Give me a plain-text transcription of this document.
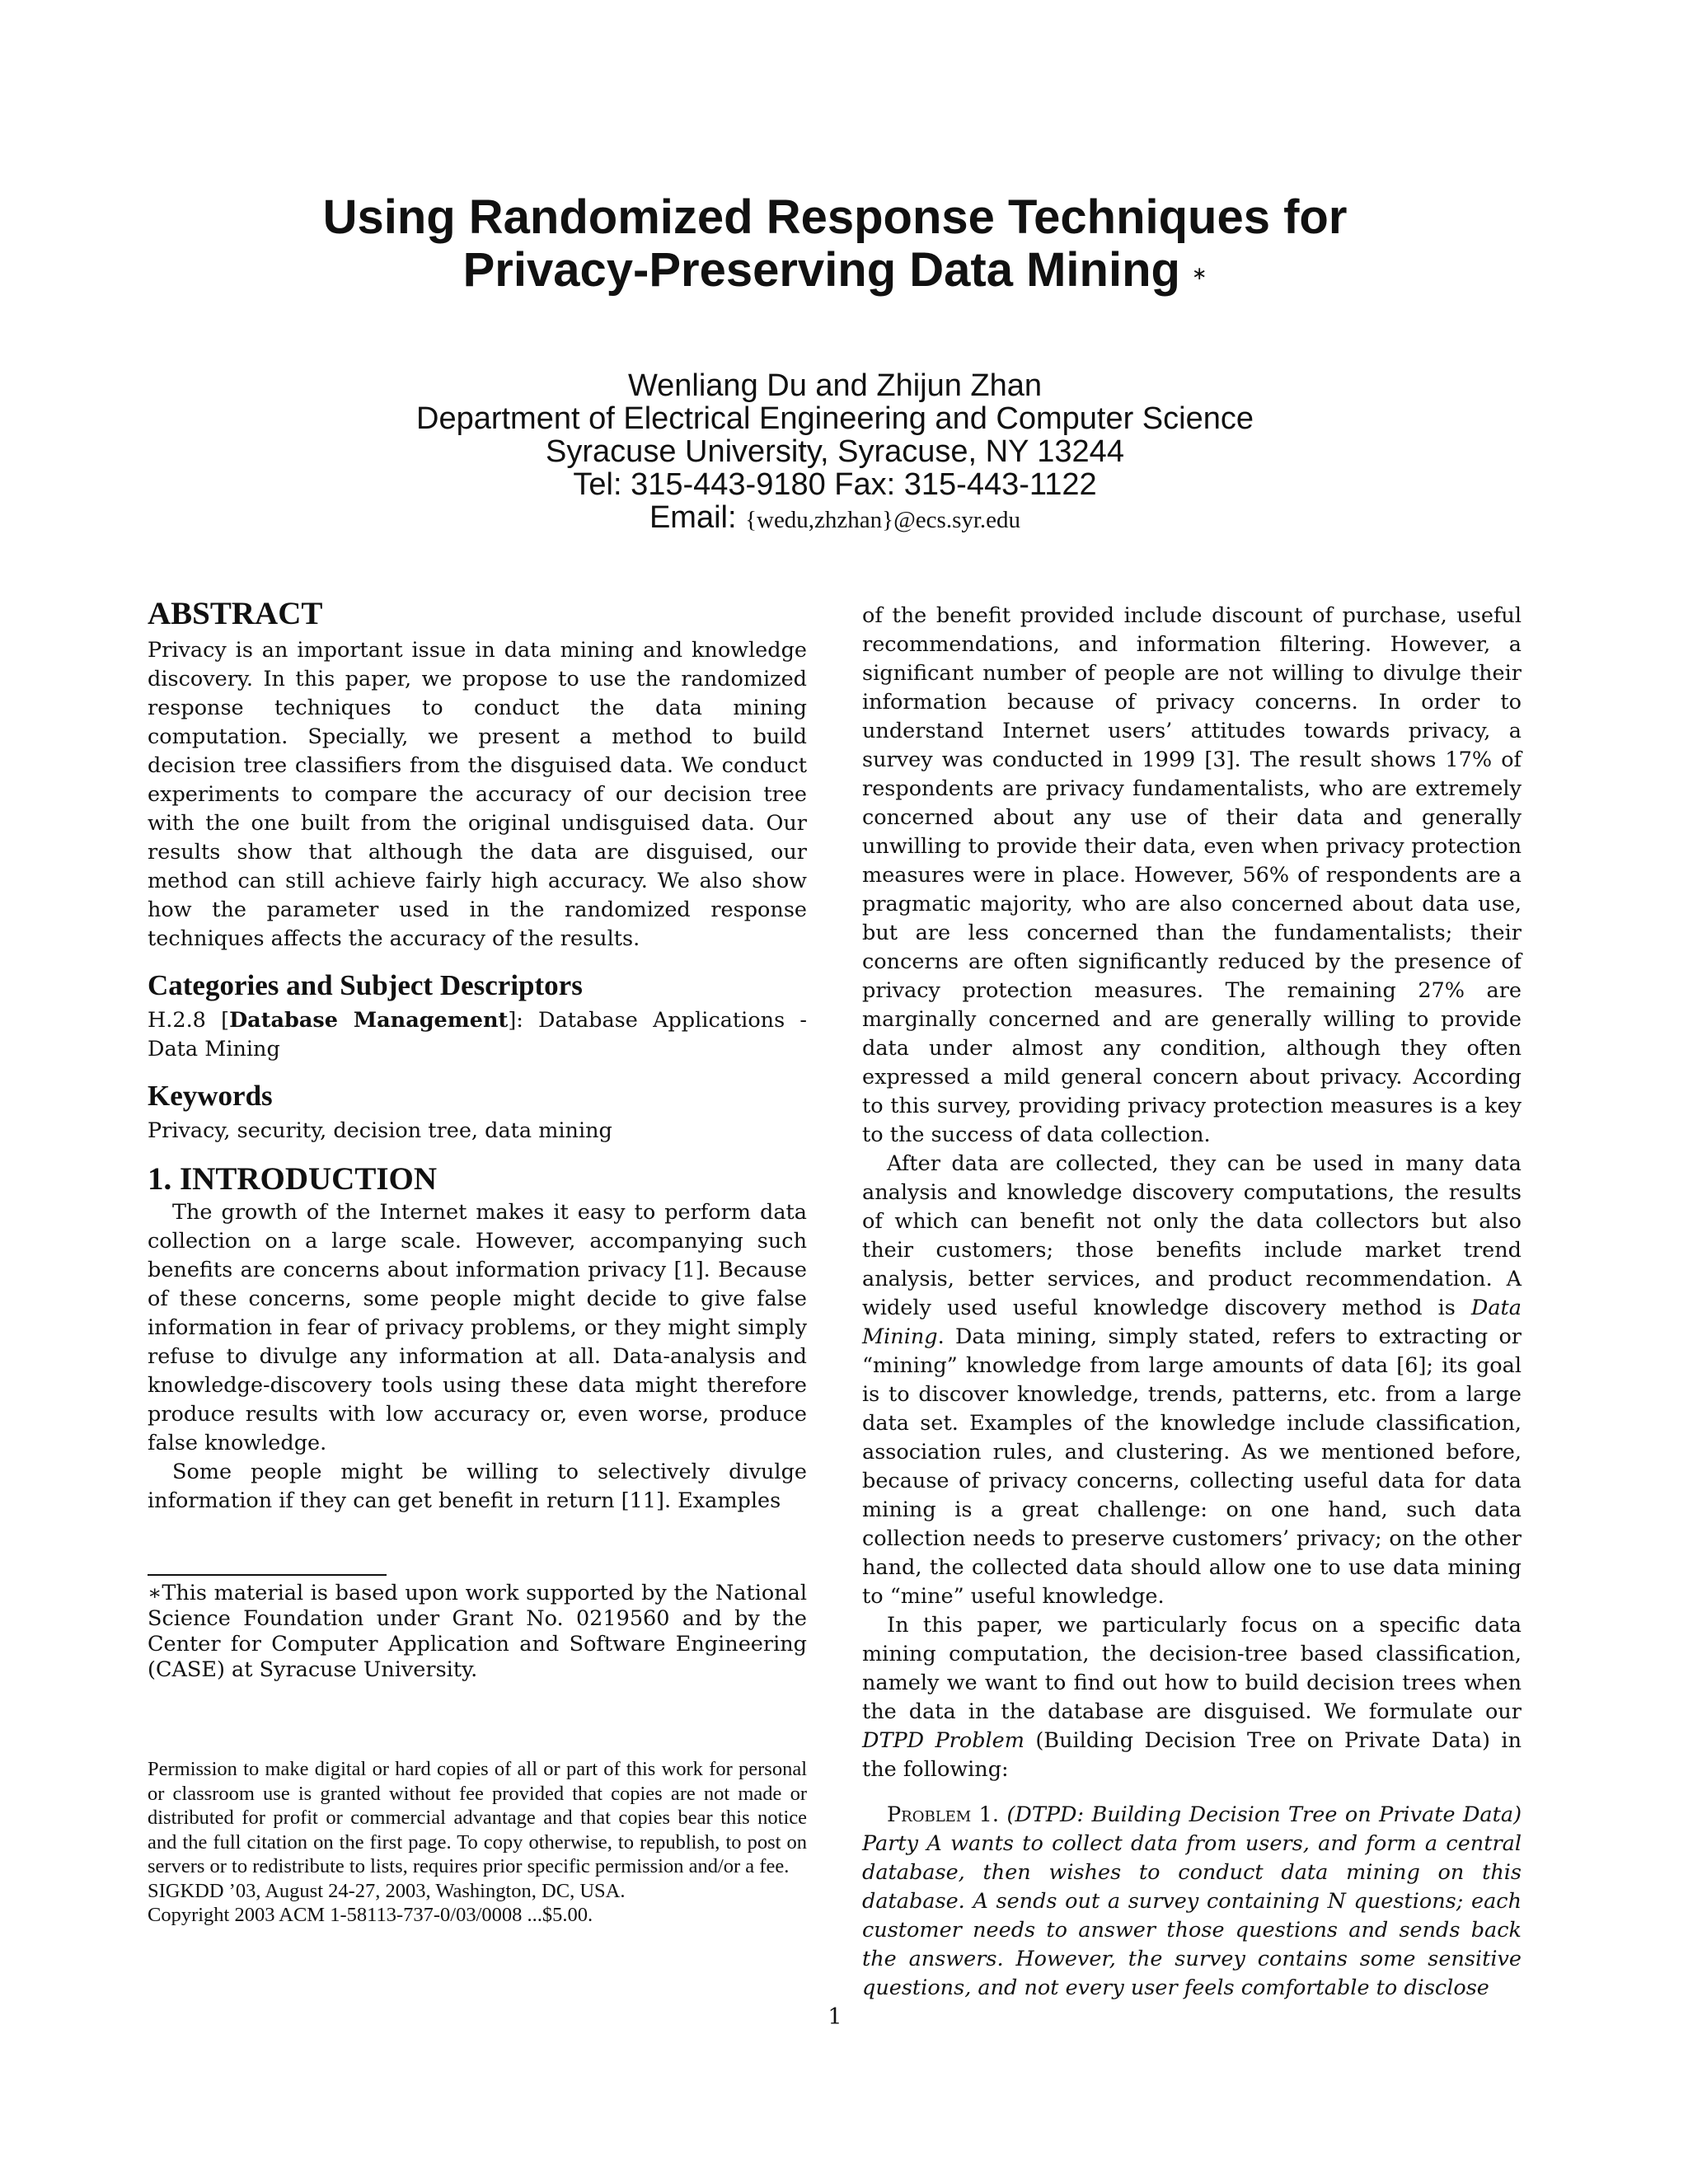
Using Randomized Response Techniques for
Privacy-Preserving Data Mining ∗
Wenliang Du and Zhijun Zhan
Department of Electrical Engineering and Computer Science
Syracuse University, Syracuse, NY 13244
Tel: 315-443-9180 Fax: 315-443-1122
Email: {wedu,zhzhan}@ecs.syr.edu

ABSTRACT

Privacy is an important issue in data mining and knowledge discovery. In this paper, we propose to use the randomized response techniques to conduct the data mining computation. Specially, we present a method to build decision tree classifiers from the disguised data. We conduct experiments to compare the accuracy of our decision tree with the one built from the original undisguised data. Our results show that although the data are disguised, our method can still achieve fairly high accuracy. We also show how the parameter used in the randomized response techniques affects the accuracy of the results.

Categories and Subject Descriptors

H.2.8 [Database Management]: Database Applications - Data Mining

Keywords

Privacy, security, decision tree, data mining

1. INTRODUCTION

The growth of the Internet makes it easy to perform data collection on a large scale. However, accompanying such benefits are concerns about information privacy [1]. Because of these concerns, some people might decide to give false information in fear of privacy problems, or they might simply refuse to divulge any information at all. Data-analysis and knowledge-discovery tools using these data might therefore produce results with low accuracy or, even worse, produce false knowledge.

Some people might be willing to selectively divulge information if they can get benefit in return [11]. Examples

∗This material is based upon work supported by the National Science Foundation under Grant No. 0219560 and by the Center for Computer Application and Software Engineering (CASE) at Syracuse University.

Permission to make digital or hard copies of all or part of this work for personal or classroom use is granted without fee provided that copies are not made or distributed for profit or commercial advantage and that copies bear this notice and the full citation on the first page. To copy otherwise, to republish, to post on servers or to redistribute to lists, requires prior specific permission and/or a fee.

SIGKDD ’03, August 24-27, 2003, Washington, DC, USA.

Copyright 2003 ACM 1-58113-737-0/03/0008 ...$5.00.

of the benefit provided include discount of purchase, useful recommendations, and information filtering. However, a significant number of people are not willing to divulge their information because of privacy concerns. In order to understand Internet users’ attitudes towards privacy, a survey was conducted in 1999 [3]. The result shows 17% of respondents are privacy fundamentalists, who are extremely concerned about any use of their data and generally unwilling to provide their data, even when privacy protection measures were in place. However, 56% of respondents are a pragmatic majority, who are also concerned about data use, but are less concerned than the fundamentalists; their concerns are often significantly reduced by the presence of privacy protection measures. The remaining 27% are marginally concerned and are generally willing to provide data under almost any condition, although they often expressed a mild general concern about privacy. According to this survey, providing privacy protection measures is a key to the success of data collection.

After data are collected, they can be used in many data analysis and knowledge discovery computations, the results of which can benefit not only the data collectors but also their customers; those benefits include market trend analysis, better services, and product recommendation. A widely used useful knowledge discovery method is Data Mining. Data mining, simply stated, refers to extracting or “mining” knowledge from large amounts of data [6]; its goal is to discover knowledge, trends, patterns, etc. from a large data set. Examples of the knowledge include classification, association rules, and clustering. As we mentioned before, because of privacy concerns, collecting useful data for data mining is a great challenge: on one hand, such data collection needs to preserve customers’ privacy; on the other hand, the collected data should allow one to use data mining to “mine” useful knowledge.

In this paper, we particularly focus on a specific data mining computation, the decision-tree based classification, namely we want to find out how to build decision trees when the data in the database are disguised. We formulate our DTPD Problem (Building Decision Tree on Private Data) in the following:

Problem 1. (DTPD: Building Decision Tree on Private Data) Party A wants to collect data from users, and form a central database, then wishes to conduct data mining on this database. A sends out a survey containing N questions; each customer needs to answer those questions and sends back the answers. However, the survey contains some sensitive questions, and not every user feels comfortable to disclose

1
